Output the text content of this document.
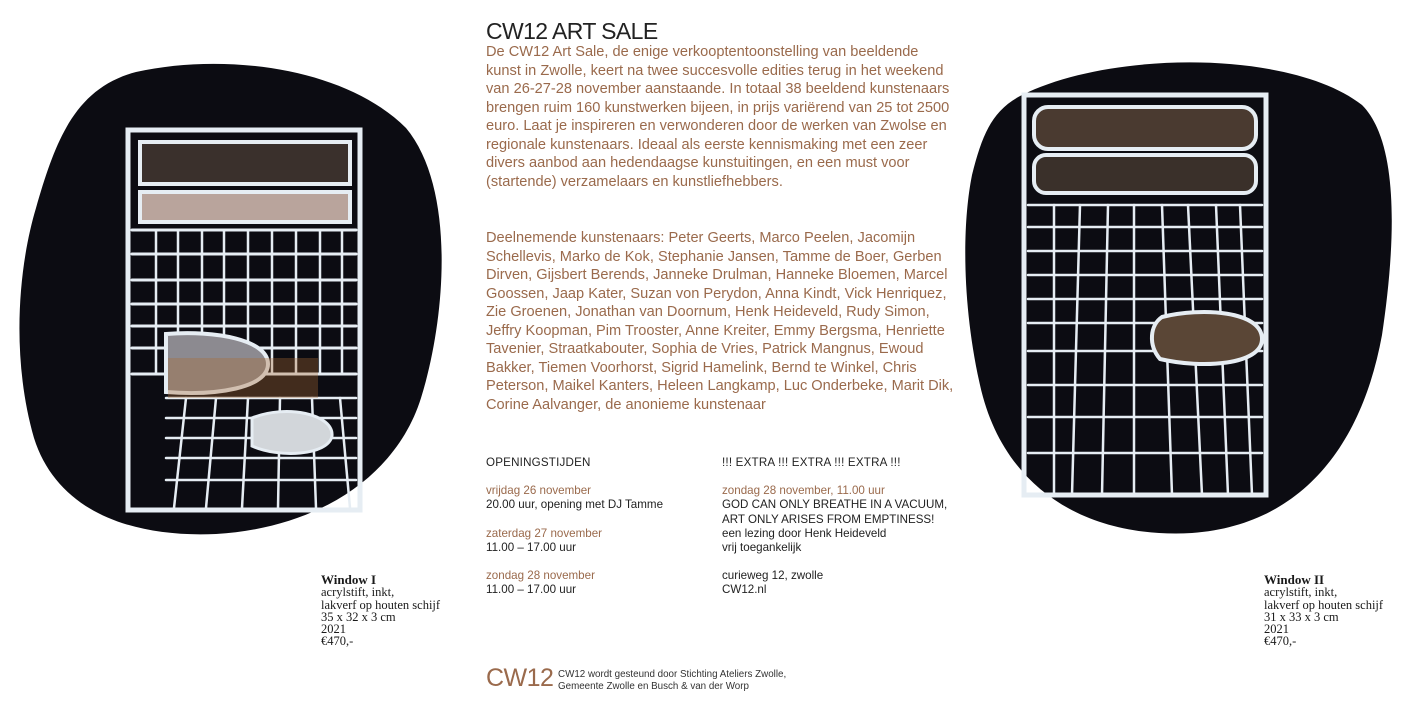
Window I
acrylstift, inkt,
lakverf op houten schijf
35 x 32 x 3 cm
2021
€470,-
Window II
acrylstift, inkt,
lakverf op houten schijf
31 x 33 x 3 cm
2021
€470,-
CW12 ART SALE

De CW12 Art Sale, de enige verkooptentoonstelling van beeldende kunst in Zwolle, keert na twee succesvolle edities terug in het weekend van 26-27-28 november aanstaande. In totaal 38 beeldend kunstenaars brengen ruim 160 kunstwerken bijeen, in prijs variërend van 25 tot 2500 euro. Laat je inspireren en verwonderen door de werken van Zwolse en regionale kunstenaars. Ideaal als eerste kennismaking met een zeer divers aanbod aan hedendaagse kunstuitingen, en een must voor (startende) verzamelaars en kunstliefhebbers.

Deelnemende kunstenaars: Peter Geerts, Marco Peelen, Jacomijn Schellevis, Marko de Kok, Stephanie Jansen, Tamme de Boer, Gerben Dirven, Gijsbert Berends, Janneke Drulman, Hanneke Bloemen, Marcel Goossen, Jaap Kater, Suzan von Perydon, Anna Kindt, Vick Henriquez, Zie Groenen, Jonathan van Doornum, Henk Heideveld, Rudy Simon, Jeffry Koopman, Pim Trooster, Anne Kreiter, Emmy Bergsma, Henriette Tavenier, Straatkabouter, Sophia de Vries, Patrick Mangnus, Ewoud Bakker, Tiemen Voorhorst, Sigrid Hamelink, Bernd te Winkel, Chris Peterson, Maikel Kanters, Heleen Langkamp, Luc Onderbeke, Marit Dik, Corine Aalvanger, de anonieme kunstenaar

OPENINGSTIJDEN
vrijdag 26 november
20.00 uur, opening met DJ Tamme
zaterdag 27 november
11.00 – 17.00 uur
zondag 28 november
11.00 – 17.00 uur
!!! EXTRA !!! EXTRA !!! EXTRA !!!
zondag 28 november, 11.00 uur
GOD CAN ONLY BREATHE IN A VACUUM,
ART ONLY ARISES FROM EMPTINESS!
een lezing door Henk Heideveld
vrij toegankelijk
curieweg 12, zwolle
CW12.nl
CW12 CW12 wordt gesteund door Stichting Ateliers Zwolle,
Gemeente Zwolle en Busch & van der Worp
